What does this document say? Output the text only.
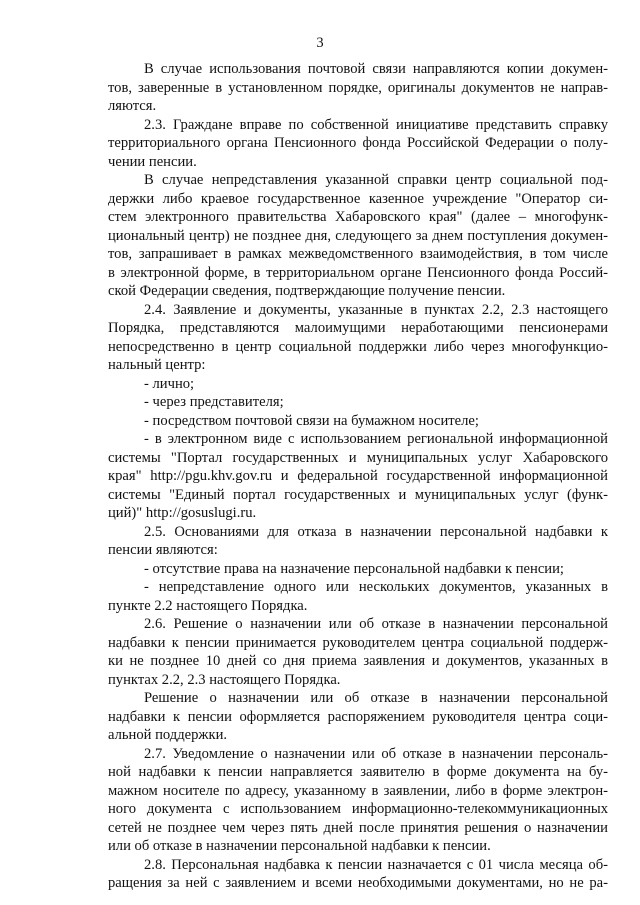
3
В случае использования почтовой связи направляются копии докумен-
тов, заверенные в установленном порядке, оригиналы документов не направ-
ляются.
2.3. Граждане вправе по собственной инициативе представить справку
территориального органа Пенсионного фонда Российской Федерации о полу-
чении пенсии.
В случае непредставления указанной справки центр социальной под-
держки либо краевое государственное казенное учреждение "Оператор си-
стем электронного правительства Хабаровского края" (далее – многофунк-
циональный центр) не позднее дня, следующего за днем поступления докумен-
тов, запрашивает в рамках межведомственного взаимодействия, в том числе
в электронной форме, в территориальном органе Пенсионного фонда Россий-
ской Федерации сведения, подтверждающие получение пенсии.
2.4. Заявление и документы, указанные в пунктах 2.2, 2.3 настоящего
Порядка, представляются малоимущими неработающими пенсионерами
непосредственно в центр социальной поддержки либо через многофункцио-
нальный центр:
- лично;
- через представителя;
- посредством почтовой связи на бумажном носителе;
- в электронном виде с использованием региональной информационной
системы "Портал государственных и муниципальных услуг Хабаровского
края" http://pgu.khv.gov.ru и федеральной государственной информационной
системы "Единый портал государственных и муниципальных услуг (функ-
ций)" http://gosuslugi.ru.
2.5. Основаниями для отказа в назначении персональной надбавки к
пенсии являются:
- отсутствие права на назначение персональной надбавки к пенсии;
- непредставление одного или нескольких документов, указанных в
пункте 2.2 настоящего Порядка.
2.6. Решение о назначении или об отказе в назначении персональной
надбавки к пенсии принимается руководителем центра социальной поддерж-
ки не позднее 10 дней со дня приема заявления и документов, указанных в
пунктах 2.2, 2.3 настоящего Порядка.
Решение о назначении или об отказе в назначении персональной
надбавки к пенсии оформляется распоряжением руководителя центра соци-
альной поддержки.
2.7. Уведомление о назначении или об отказе в назначении персональ-
ной надбавки к пенсии направляется заявителю в форме документа на бу-
мажном носителе по адресу, указанному в заявлении, либо в форме электрон-
ного документа с использованием информационно-телекоммуникационных
сетей не позднее чем через пять дней после принятия решения о назначении
или об отказе в назначении персональной надбавки к пенсии.
2.8. Персональная надбавка к пенсии назначается с 01 числа месяца об-
ращения за ней с заявлением и всеми необходимыми документами, но не ра-
